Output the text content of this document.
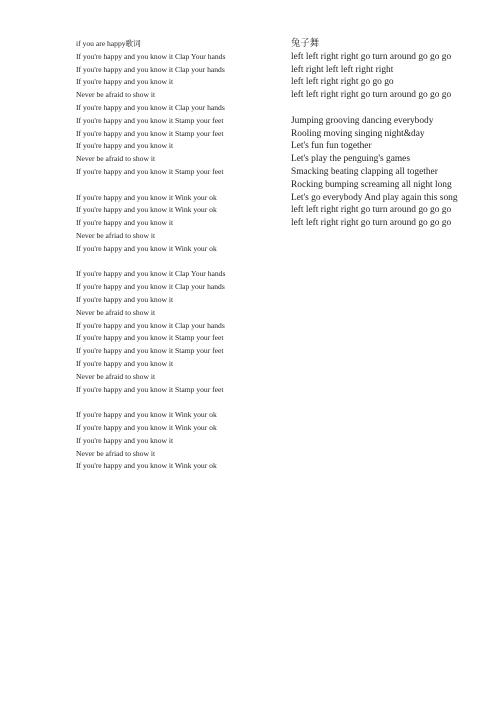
if you are happy歌词
If you're happy and you know it Clap Your hands
If you're happy and you know it Clap your hands
If you're happy and you know it
Never be afraid to show it
If you're happy and you know it Clap your hands
If you're happy and you know it Stamp your feet
If you're happy and you know it Stamp your feet
If you're happy and you know it
Never be afraid to show it
If you're happy and you know it Stamp your feet
If you're happy and you know it Wink your ok
If you're happy and you know it Wink your ok
If you're happy and you know it
Never be afriad to show it
If you're happy and you know it Wink your ok
If you're happy and you know it Clap Your hands
If you're happy and you know it Clap your hands
If you're happy and you know it
Never be afraid to show it
If you're happy and you know it Clap your hands
If you're happy and you know it Stamp your feet
If you're happy and you know it Stamp your feet
If you're happy and you know it
Never be afraid to show it
If you're happy and you know it Stamp your feet
If you're happy and you know it Wink your ok
If you're happy and you know it Wink your ok
If you're happy and you know it
Never be afriad to show it
If you're happy and you know it Wink your ok
兔子舞
left left right right go turn around go go go
left right left left right right
left left right right go go go
left left right right go turn around go go go
Jumping grooving dancing everybody
Rooling moving singing night&day
Let's fun fun together
Let's play the penguing's games
Smacking beating clapping all together
Rocking bumping screaming all night long
Let's go everybody And play again this song
left left right right go turn around go go go
left left right right go turn around go go go
